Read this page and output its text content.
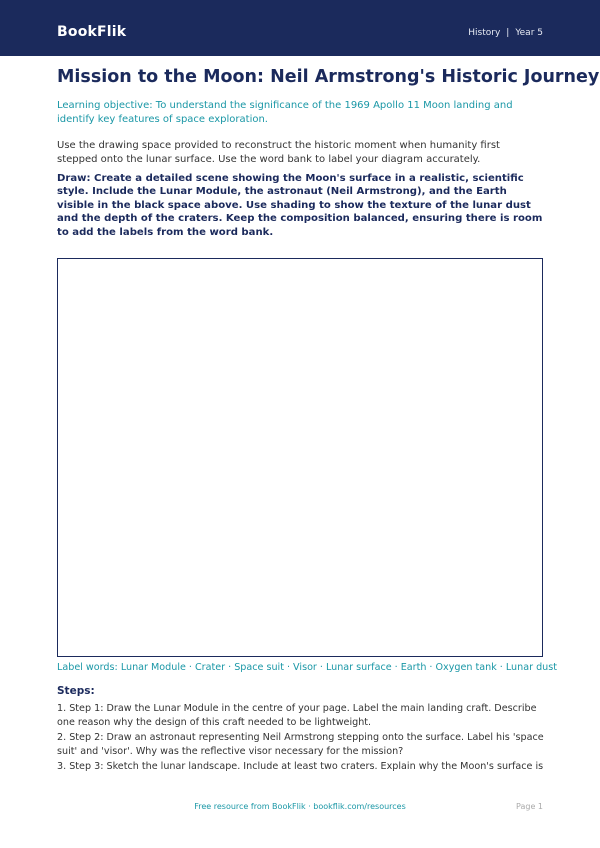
BookFlik	History | Year 5
Mission to the Moon: Neil Armstrong's Historic Journey

Learning objective: To understand the significance of the 1969 Apollo 11 Moon landing and identify key features of space exploration.

Use the drawing space provided to reconstruct the historic moment when humanity first stepped onto the lunar surface. Use the word bank to label your diagram accurately.

Draw: Create a detailed scene showing the Moon's surface in a realistic, scientific style. Include the Lunar Module, the astronaut (Neil Armstrong), and the Earth visible in the black space above. Use shading to show the texture of the lunar dust and the depth of the craters. Keep the composition balanced, ensuring there is room to add the labels from the word bank.

Label words: Lunar Module · Crater · Space suit · Visor · Lunar surface · Earth · Oxygen tank · Lunar dust
Steps:
1. Step 1: Draw the Lunar Module in the centre of your page. Label the main landing craft. Describe one reason why the design of this craft needed to be lightweight.
2. Step 2: Draw an astronaut representing Neil Armstrong stepping onto the surface. Label his 'space suit' and 'visor'. Why was the reflective visor necessary for the mission?
3. Step 3: Sketch the lunar landscape. Include at least two craters. Explain why the Moon's surface is
Free resource from BookFlik · bookflik.com/resources	Page 1
